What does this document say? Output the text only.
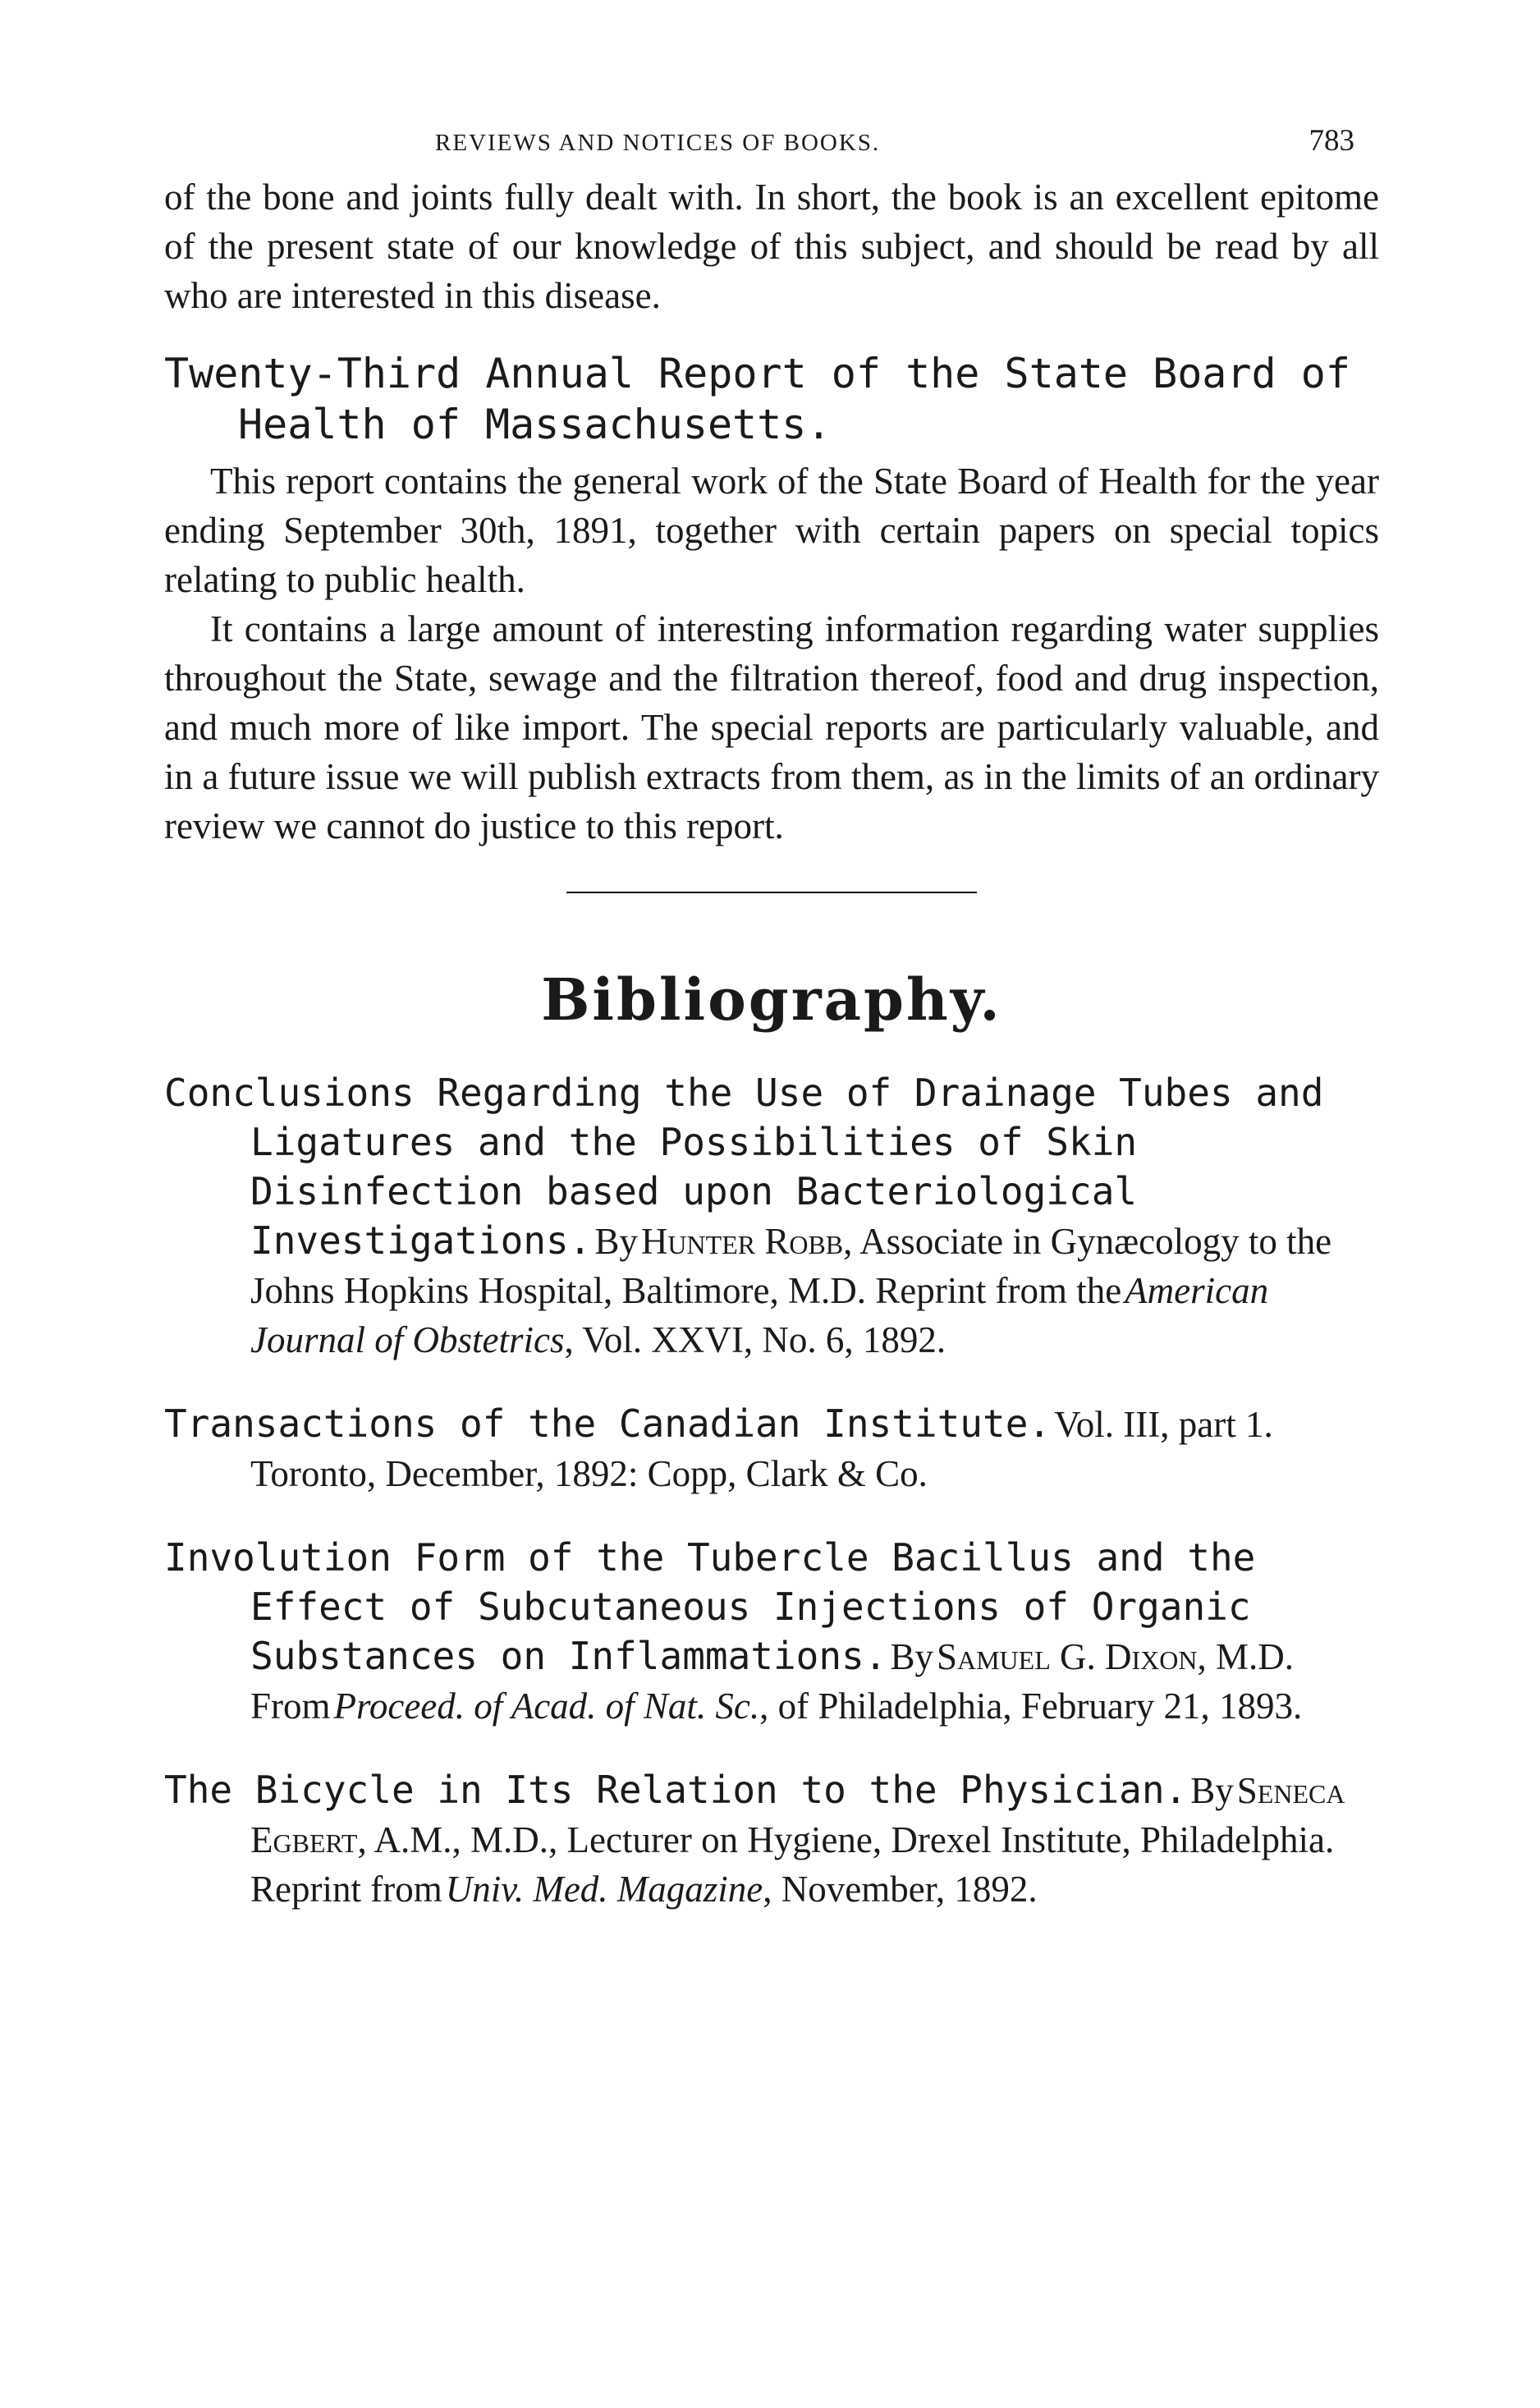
REVIEWS AND NOTICES OF BOOKS.	783

of the bone and joints fully dealt with. In short, the book is an excellent epitome of the present state of our knowledge of this subject, and should be read by all who are interested in this disease.

Twenty-Third Annual Report of the State Board of Health of Massachusetts.

This report contains the general work of the State Board of Health for the year ending September 30th, 1891, together with certain papers on special topics relating to public health.

It contains a large amount of interesting information regarding water supplies throughout the State, sewage and the filtration thereof, food and drug inspection, and much more of like import. The special reports are particularly valuable, and in a future issue we will publish extracts from them, as in the limits of an ordinary review we cannot do justice to this report.

Bibliography.
Conclusions Regarding the Use of Drainage Tubes and Ligatures and the Possibilities of Skin Disinfection based upon Bacteriological Investigations. By Hunter Robb, Associate in Gynæcology to the Johns Hopkins Hospital, Baltimore, M.D. Reprint from the American Journal of Obstetrics, Vol. XXVI, No. 6, 1892.
Transactions of the Canadian Institute. Vol. III, part 1. Toronto, December, 1892: Copp, Clark & Co.
Involution Form of the Tubercle Bacillus and the Effect of Subcutaneous Injections of Organic Substances on Inflammations. By Samuel G. Dixon, M.D. From Proceed. of Acad. of Nat. Sc., of Philadelphia, February 21, 1893.
The Bicycle in Its Relation to the Physician. By Seneca Egbert, A.M., M.D., Lecturer on Hygiene, Drexel Institute, Philadelphia. Reprint from Univ. Med. Magazine, November, 1892.
